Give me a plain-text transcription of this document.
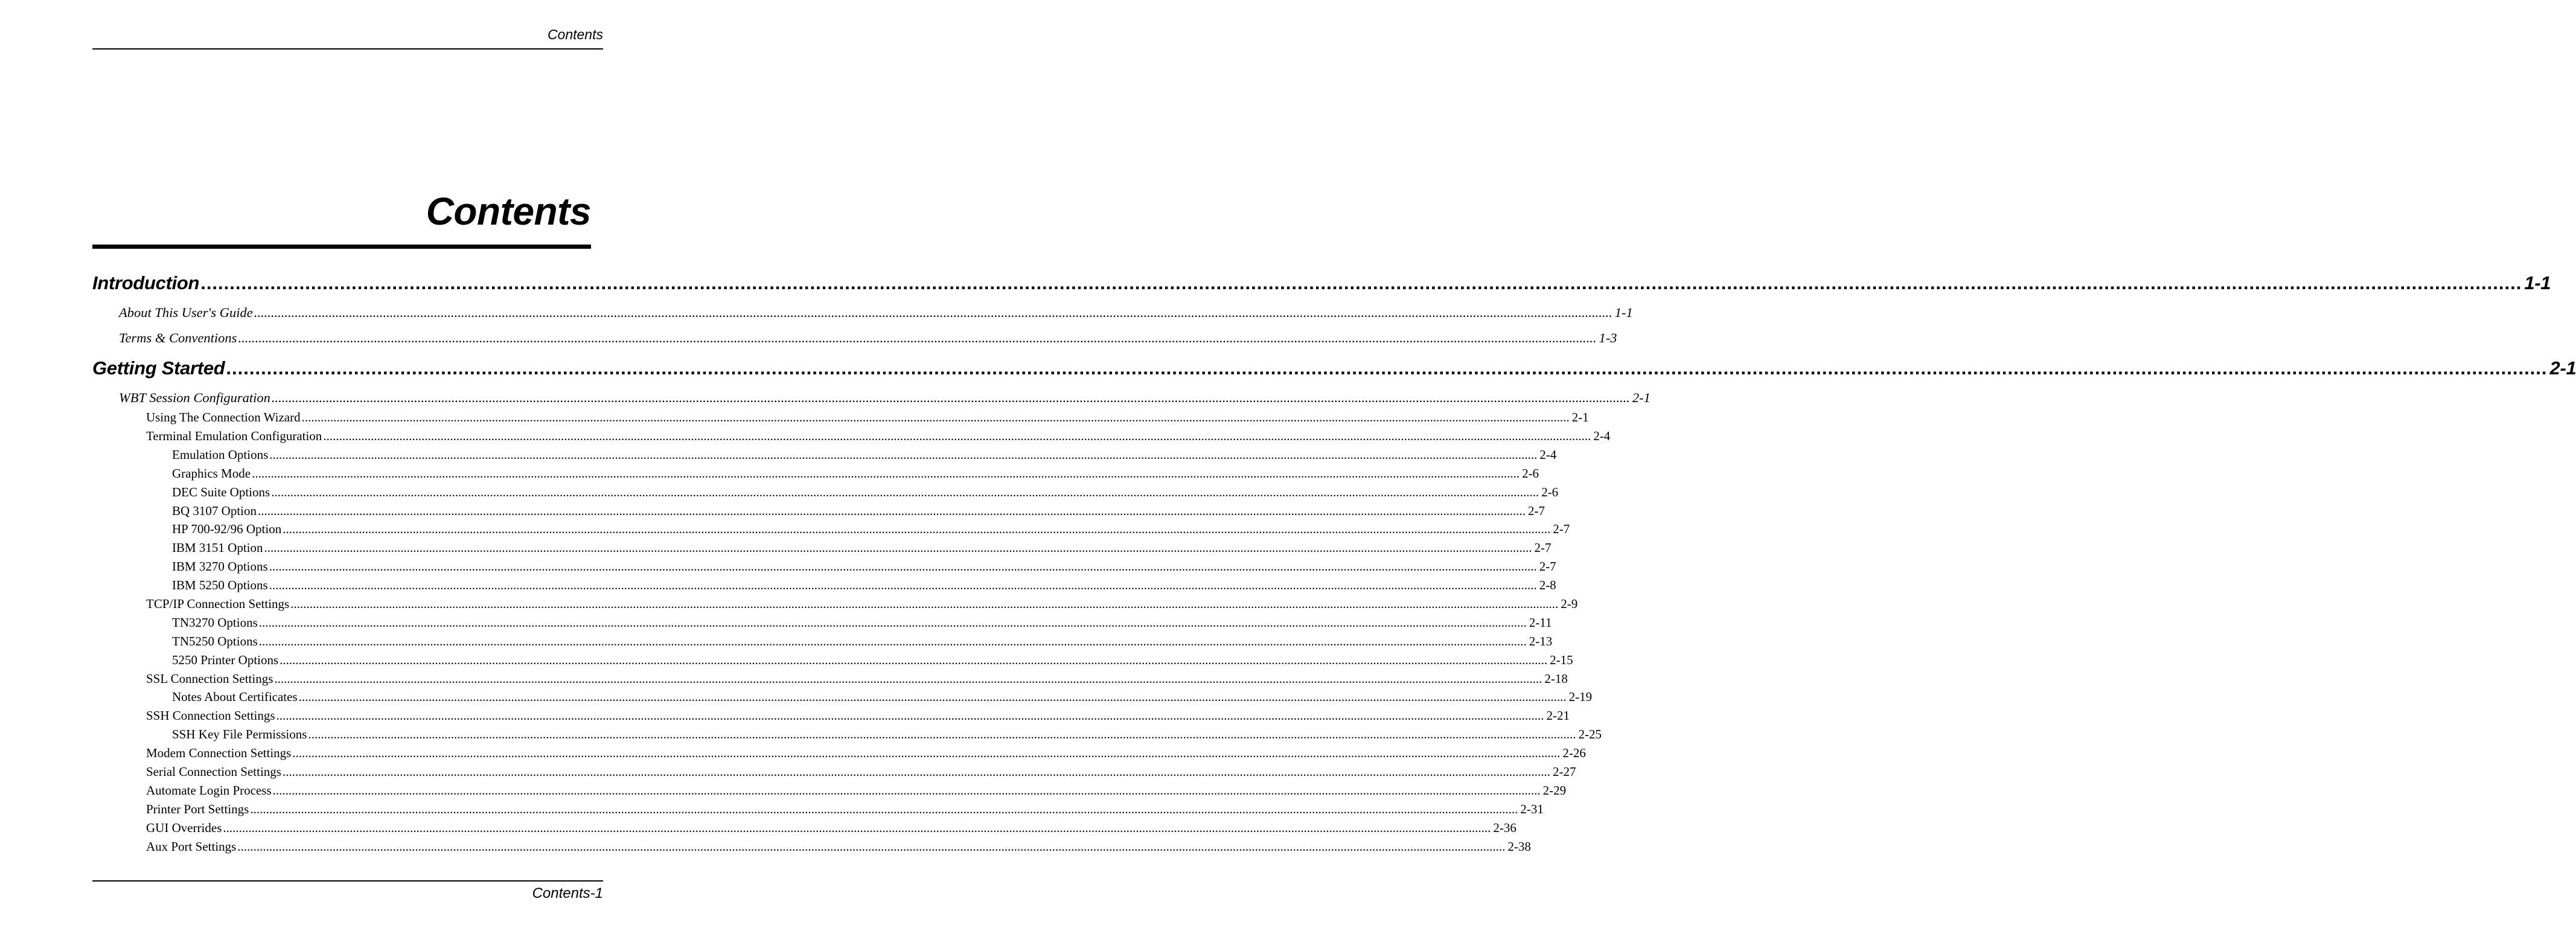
Contents
Contents
Introduction ................................................................................................................................................................................................................................................................................................................................................................................................................ 1-1
About This User's Guide ................................................................................................................................................................................................................................................................................................................................................................................................................ 1-1
Terms & Conventions ................................................................................................................................................................................................................................................................................................................................................................................................................ 1-3
Getting Started ................................................................................................................................................................................................................................................................................................................................................................................................................ 2-1
WBT Session Configuration ................................................................................................................................................................................................................................................................................................................................................................................................................ 2-1
Using The Connection Wizard ................................................................................................................................................................................................................................................................................................................................................................................................................ 2-1
Terminal Emulation Configuration ................................................................................................................................................................................................................................................................................................................................................................................................................ 2-4
Emulation Options ................................................................................................................................................................................................................................................................................................................................................................................................................ 2-4
Graphics Mode ................................................................................................................................................................................................................................................................................................................................................................................................................ 2-6
DEC Suite Options ................................................................................................................................................................................................................................................................................................................................................................................................................ 2-6
BQ 3107 Option ................................................................................................................................................................................................................................................................................................................................................................................................................ 2-7
HP 700-92/96 Option ................................................................................................................................................................................................................................................................................................................................................................................................................ 2-7
IBM 3151 Option ................................................................................................................................................................................................................................................................................................................................................................................................................ 2-7
IBM 3270 Options ................................................................................................................................................................................................................................................................................................................................................................................................................ 2-7
IBM 5250 Options ................................................................................................................................................................................................................................................................................................................................................................................................................ 2-8
TCP/IP Connection Settings ................................................................................................................................................................................................................................................................................................................................................................................................................ 2-9
TN3270 Options ................................................................................................................................................................................................................................................................................................................................................................................................................ 2-11
TN5250 Options ................................................................................................................................................................................................................................................................................................................................................................................................................ 2-13
5250 Printer Options ................................................................................................................................................................................................................................................................................................................................................................................................................ 2-15
SSL Connection Settings ................................................................................................................................................................................................................................................................................................................................................................................................................ 2-18
Notes About Certificates ................................................................................................................................................................................................................................................................................................................................................................................................................ 2-19
SSH Connection Settings ................................................................................................................................................................................................................................................................................................................................................................................................................ 2-21
SSH Key File Permissions ................................................................................................................................................................................................................................................................................................................................................................................................................ 2-25
Modem Connection Settings ................................................................................................................................................................................................................................................................................................................................................................................................................ 2-26
Serial Connection Settings ................................................................................................................................................................................................................................................................................................................................................................................................................ 2-27
Automate Login Process ................................................................................................................................................................................................................................................................................................................................................................................................................ 2-29
Printer Port Settings ................................................................................................................................................................................................................................................................................................................................................................................................................ 2-31
GUI Overrides ................................................................................................................................................................................................................................................................................................................................................................................................................ 2-36
Aux Port Settings ................................................................................................................................................................................................................................................................................................................................................................................................................ 2-38
Contents-1
